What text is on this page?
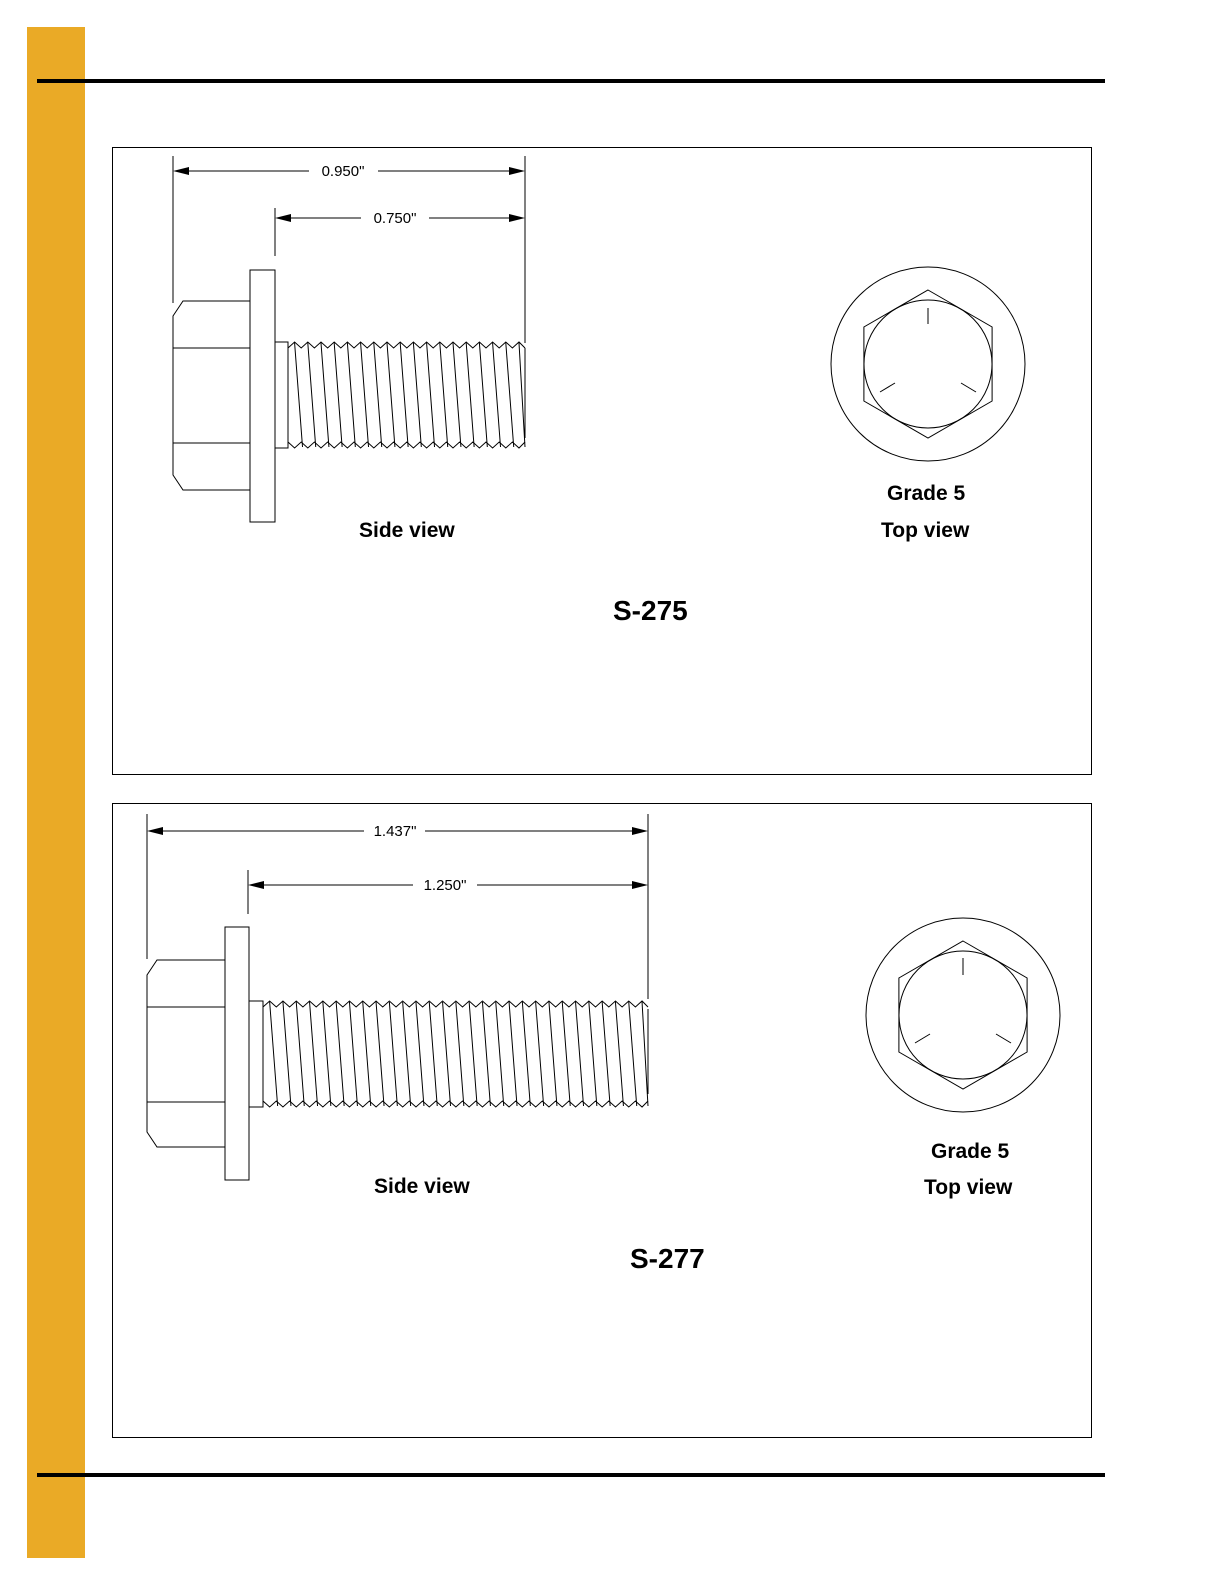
0.950"
0.750"
Side view
Grade 5
Top view
S-275
1.437"
1.250"
Side view
Grade 5
Top view
S-277
